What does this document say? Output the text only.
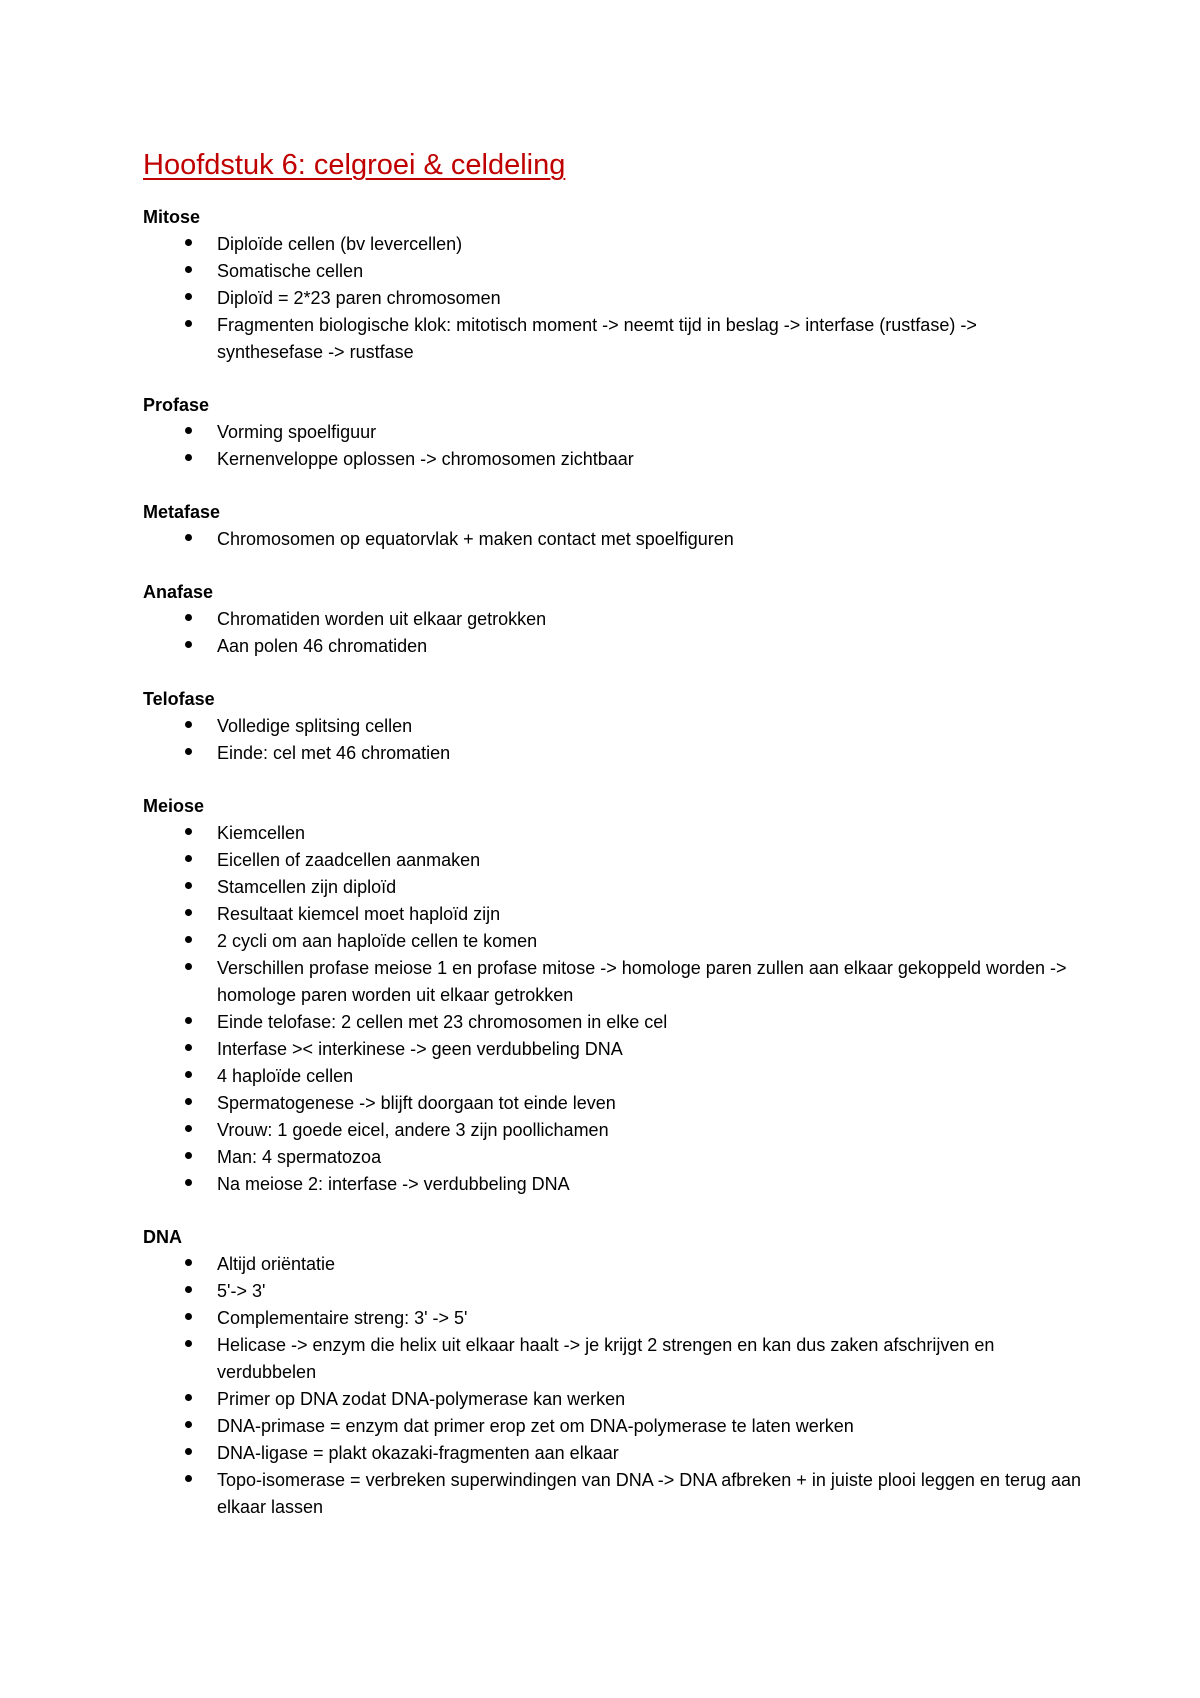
Hoofdstuk 6: celgroei & celdeling
Mitose
Diploïde cellen (bv levercellen)
Somatische cellen
Diploïd = 2*23 paren chromosomen
Fragmenten biologische klok: mitotisch moment -> neemt tijd in beslag -> interfase (rustfase) -> synthesefase -> rustfase
Profase
Vorming spoelfiguur
Kernenveloppe oplossen -> chromosomen zichtbaar
Metafase
Chromosomen op equatorvlak + maken contact met spoelfiguren
Anafase
Chromatiden worden uit elkaar getrokken
Aan polen 46 chromatiden
Telofase
Volledige splitsing cellen
Einde: cel met 46 chromatien
Meiose
Kiemcellen
Eicellen of zaadcellen aanmaken
Stamcellen zijn diploïd
Resultaat kiemcel moet haploïd zijn
2 cycli om aan haploïde cellen te komen
Verschillen profase meiose 1 en profase mitose -> homologe paren zullen aan elkaar gekoppeld worden -> homologe paren worden uit elkaar getrokken
Einde telofase: 2 cellen met 23 chromosomen in elke cel
Interfase >< interkinese -> geen verdubbeling DNA
4 haploïde cellen
Spermatogenese -> blijft doorgaan tot einde leven
Vrouw: 1 goede eicel, andere 3 zijn poollichamen
Man: 4 spermatozoa
Na meiose 2: interfase -> verdubbeling DNA
DNA
Altijd oriëntatie
5'-> 3'
Complementaire streng: 3' -> 5'
Helicase -> enzym die helix uit elkaar haalt -> je krijgt 2 strengen en kan dus zaken afschrijven en verdubbelen
Primer op DNA zodat DNA-polymerase kan werken
DNA-primase = enzym dat primer erop zet om DNA-polymerase te laten werken
DNA-ligase = plakt okazaki-fragmenten aan elkaar
Topo-isomerase = verbreken superwindingen van DNA -> DNA afbreken + in juiste plooi leggen en terug aan elkaar lassen
